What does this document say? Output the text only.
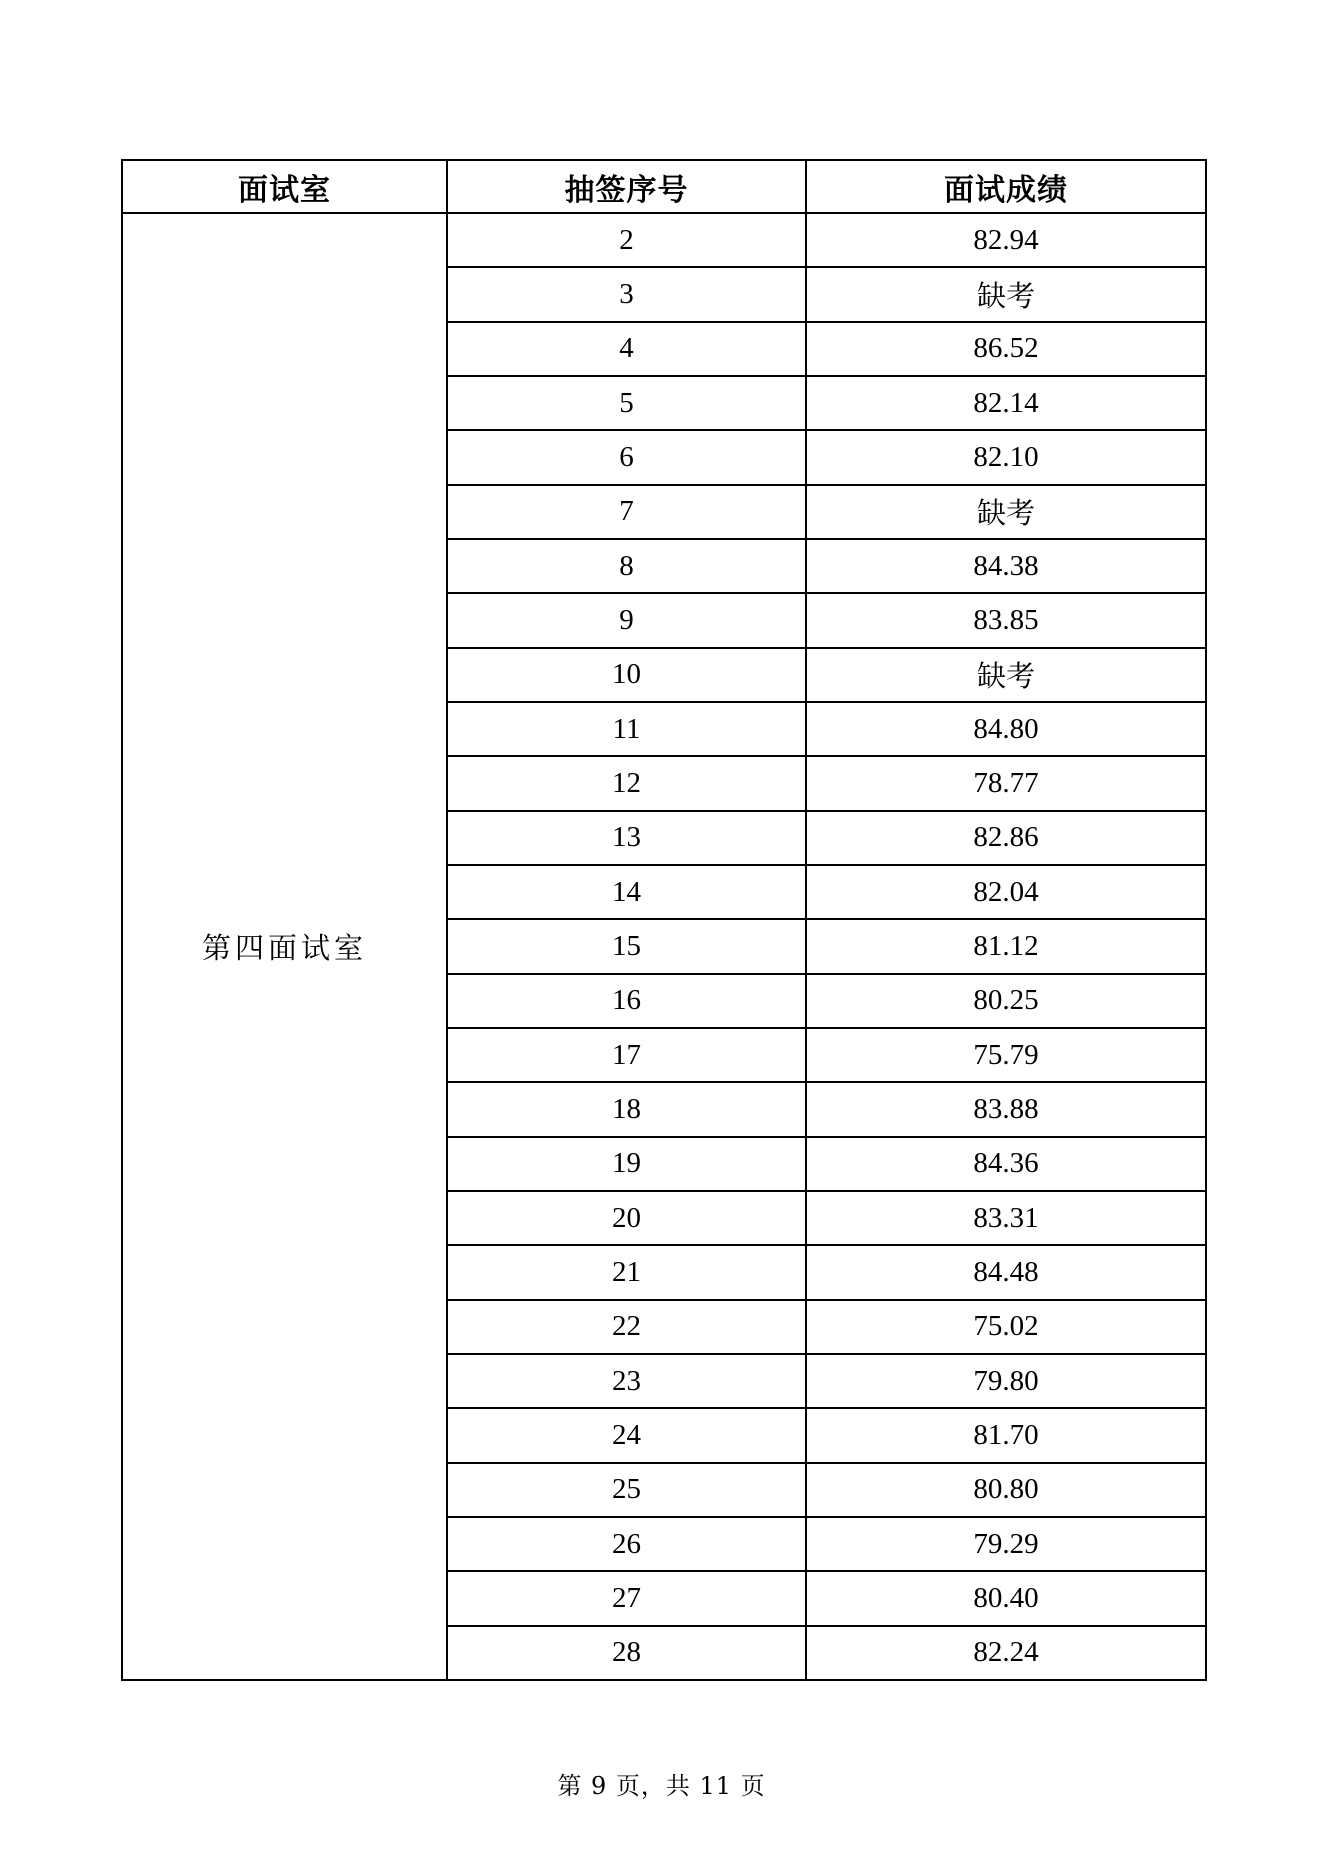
面试室	抽签序号	面试成绩
第四面试室	2	82.94
	3	缺考
	4	86.52
	5	82.14
	6	82.10
	7	缺考
	8	84.38
	9	83.85
	10	缺考
	11	84.80
	12	78.77
	13	82.86
	14	82.04
	15	81.12
	16	80.25
	17	75.79
	18	83.88
	19	84.36
	20	83.31
	21	84.48
	22	75.02
	23	79.80
	24	81.70
	25	80.80
	26	79.29
	27	80.40
	28	82.24
第 9 页，共 11 页
